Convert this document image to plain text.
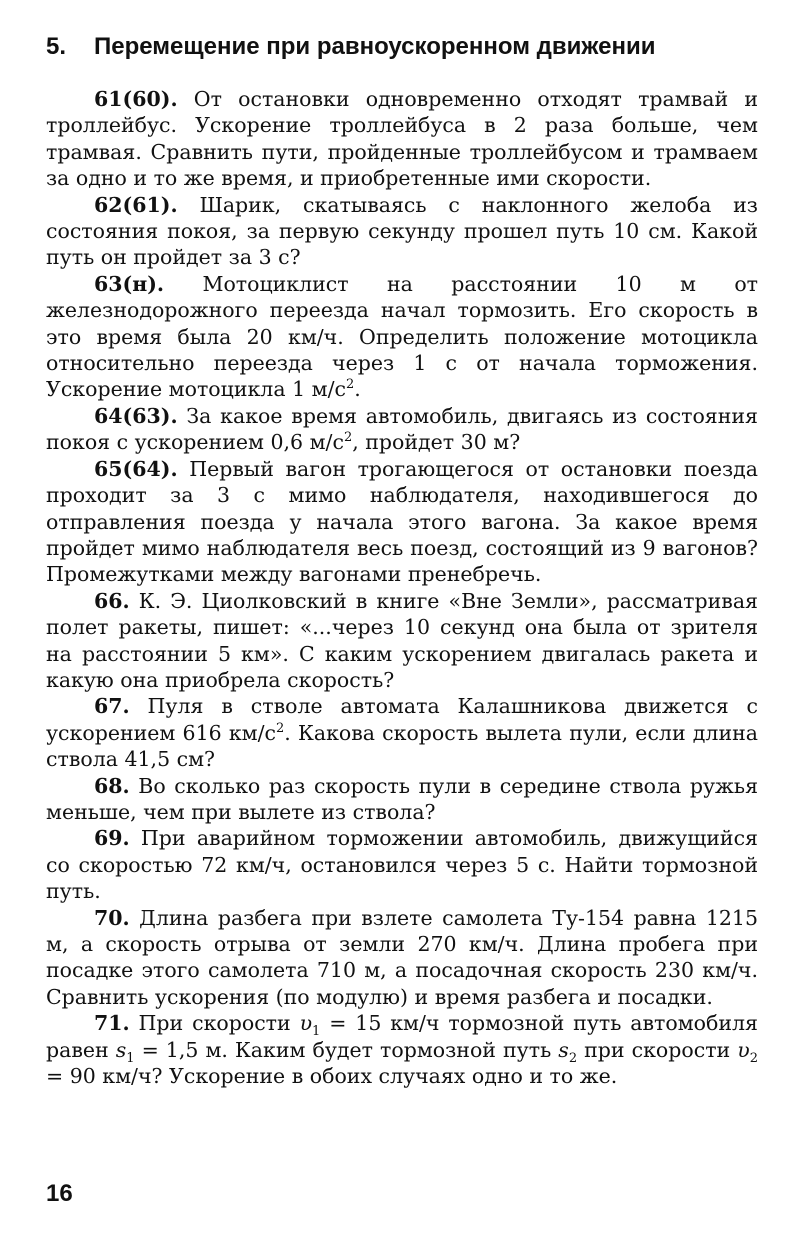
5. Перемещение при равноускоренном движении

61(60). От остановки одновременно отходят трамвай и троллейбус. Ускорение троллейбуса в 2 раза больше, чем трамвая. Сравнить пути, пройденные троллейбусом и трамваем за одно и то же время, и приобретенные ими скорости.

62(61). Шарик, скатываясь с наклонного желоба из состояния покоя, за первую секунду прошел путь 10 см. Какой путь он пройдет за 3 с?

63(н). Мотоциклист на расстоянии 10 м от железнодорожного переезда начал тормозить. Его скорость в это время была 20 км/ч. Определить положение мотоцикла относительно переезда через 1 с от начала торможения. Ускорение мотоцикла 1 $м/с^2$.

64(63). За какое время автомобиль, двигаясь из состояния покоя с ускорением 0,6 $м/с^2$, пройдет 30 м?

65(64). Первый вагон трогающегося от остановки поезда проходит за 3 с мимо наблюдателя, находившегося до отправления поезда у начала этого вагона. За какое время пройдет мимо наблюдателя весь поезд, состоящий из 9 вагонов? Промежутками между вагонами пренебречь.

66. К. Э. Циолковский в книге «Вне Земли», рассматривая полет ракеты, пишет: «...через 10 секунд она была от зрителя на расстоянии 5 км». С каким ускорением двигалась ракета и какую она приобрела скорость?

67. Пуля в стволе автомата Калашникова движется с ускорением 616 $км/с^2$. Какова скорость вылета пули, если длина ствола 41,5 см?

68. Во сколько раз скорость пули в середине ствола ружья меньше, чем при вылете из ствола?

69. При аварийном торможении автомобиль, движущийся со скоростью 72 км/ч, остановился через 5 с. Найти тормозной путь.

70. Длина разбега при взлете самолета Ту-154 равна 1215 м, а скорость отрыва от земли 270 км/ч. Длина пробега при посадке этого самолета 710 м, а посадочная скорость 230 км/ч. Сравнить ускорения (по модулю) и время разбега и посадки.

71. При скорости $\upsilon_1 = 15$ км/ч тормозной путь автомобиля равен $s_1 = 1,5$ м. Каким будет тормозной путь $s_2$ при скорости $\upsilon_2 = 90$ км/ч? Ускорение в обоих случаях одно и то же.

16
